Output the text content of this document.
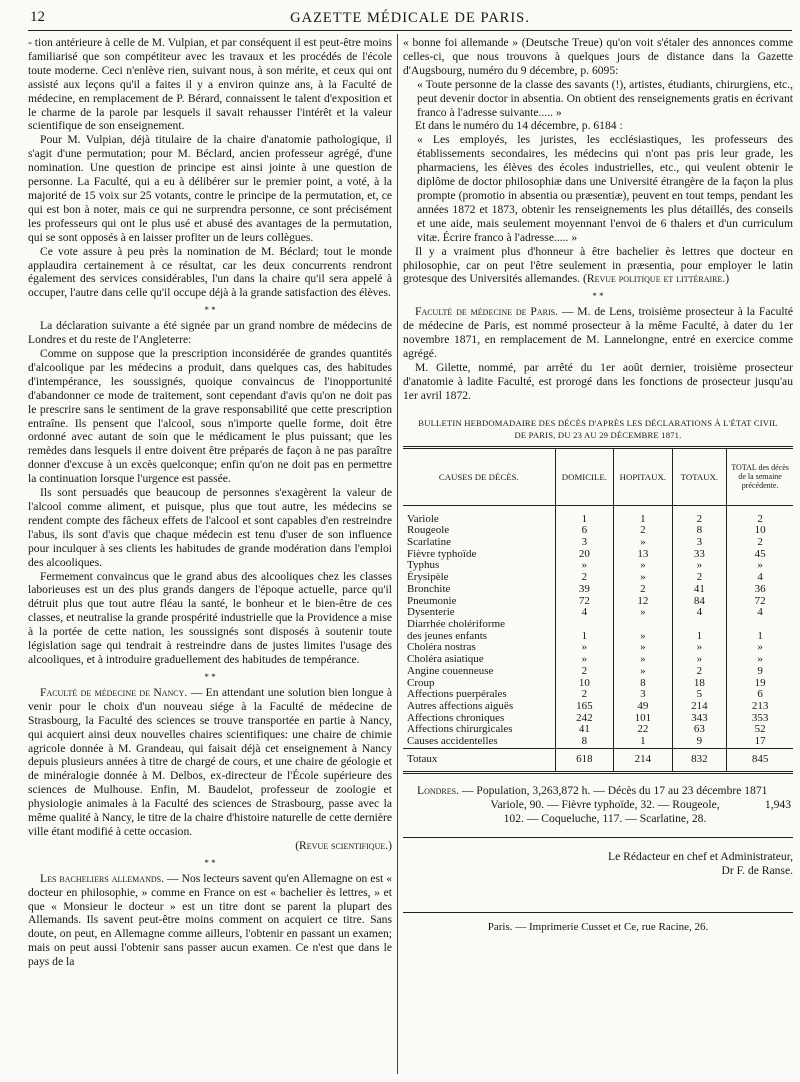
12	GAZETTE MÉDICALE DE PARIS.

- tion antérieure à celle de M. Vulpian, et par conséquent il est peut-être moins familiarisé que son compétiteur avec les travaux et les procédés de l'école toute moderne. Ceci n'enlève rien, suivant nous, à son mérite, et ceux qui ont assisté aux leçons qu'il a faites il y a environ quinze ans, à la Faculté de médecine, en remplacement de P. Bérard, connaissent le talent d'exposition et le charme de la parole par lesquels il savait rehausser l'intérêt et la valeur scientifique de son enseignement.

Pour M. Vulpian, déjà titulaire de la chaire d'anatomie pathologique, il s'agit d'une permutation; pour M. Béclard, ancien professeur agrégé, d'une nomination. Une question de principe est ainsi jointe à une question de personne. La Faculté, qui a eu à délibérer sur le premier point, a voté, à la majorité de 15 voix sur 25 votants, contre le principe de la permutation, et, ce qui est bon à noter, mais ce qui ne surprendra personne, ce sont précisément les professeurs qui ont le plus usé et abusé des avantages de la permutation, qui se sont opposés à en laisser profiter un de leurs collègues.

Ce vote assure à peu près la nomination de M. Béclard; tout le monde applaudira certainement à ce résultat, car les deux concurrents rendront également des services considérables, l'un dans la chaire qu'il sera appelé à occuper, l'autre dans celle qu'il occupe déjà à la grande satisfaction des élèves.

* *

La déclaration suivante a été signée par un grand nombre de médecins de Londres et du reste de l'Angleterre:

Comme on suppose que la prescription inconsidérée de grandes quantités d'alcoolique par les médecins a produit, dans quelques cas, des habitudes d'intempérance, les soussignés, quoique convaincus de l'inopportunité d'abandonner ce mode de traitement, sont cependant d'avis qu'on ne doit pas le prescrire sans le sentiment de la grave responsabilité que cette prescription entraîne. Ils pensent que l'alcool, sous n'importe quelle forme, doit être ordonné avec autant de soin que le médicament le plus puissant; que les remèdes dans lesquels il entre doivent être préparés de façon à ne pas paraître donner d'excuse à un excès quelconque; enfin qu'on ne doit pas en permettre la continuation lorsque l'urgence est passée.

Ils sont persuadés que beaucoup de personnes s'exagèrent la valeur de l'alcool comme aliment, et puisque, plus que tout autre, les médecins se rendent compte des fâcheux effets de l'alcool et sont capables d'en restreindre l'abus, ils sont d'avis que chaque médecin est tenu d'user de son influence pour inculquer à ses clients les habitudes de grande modération dans l'emploi des alcooliques.

Fermement convaincus que le grand abus des alcooliques chez les classes laborieuses est un des plus grands dangers de l'époque actuelle, parce qu'il détruit plus que tout autre fléau la santé, le bonheur et le bien-être de ces classes, et neutralise la grande prospérité industrielle que la Providence a mise à la portée de cette nation, les soussignés sont disposés à soutenir toute législation sage qui tendrait à restreindre dans de justes limites l'usage des alcooliques, et à introduire graduellement des habitudes de tempérance.

* *

Faculté de médecine de Nancy. — En attendant une solution bien longue à venir pour le choix d'un nouveau siége à la Faculté de médecine de Strasbourg, la Faculté des sciences se trouve transportée en partie à Nancy, qui acquiert ainsi deux nouvelles chaires scientifiques: une chaire de chimie agricole donnée à M. Grandeau, qui faisait déjà cet enseignement à Nancy depuis plusieurs années à titre de chargé de cours, et une chaire de géologie et de minéralogie donnée à M. Delbos, ex-directeur de l'École supérieure des sciences de Mulhouse. Enfin, M. Baudelot, professeur de zoologie et physiologie animales à la Faculté des sciences de Strasbourg, passe avec la même qualité à Nancy, le titre de la chaire d'histoire naturelle de cette dernière ville étant modifié à cette occasion.

(Revue scientifique.)
* *

Les bacheliers allemands. — Nos lecteurs savent qu'en Allemagne on est « docteur en philosophie, » comme en France on est « bachelier ès lettres, » et que « Monsieur le docteur » est un titre dont se parent la plupart des Allemands. Ils savent peut-être moins comment on acquiert ce titre. Sans doute, on peut, en Allemagne comme ailleurs, l'obtenir en passant un examen; mais on peut aussi l'obtenir sans passer aucun examen. Ce n'est que dans le pays de la

« bonne foi allemande » (Deutsche Treue) qu'on voit s'étaler des annonces comme celles-ci, que nous trouvons à quelques jours de distance dans la Gazette d'Augsbourg, numéro du 9 décembre, p. 6095:

« Toute personne de la classe des savants (!), artistes, étudiants, chirurgiens, etc., peut devenir doctor in absentia. On obtient des renseignements gratis en écrivant franco à l'adresse suivante..... »

Et dans le numéro du 14 décembre, p. 6184 :

« Les employés, les juristes, les ecclésiastiques, les professeurs des établissements secondaires, les médecins qui n'ont pas pris leur grade, les pharmaciens, les élèves des écoles industrielles, etc., qui veulent obtenir le diplôme de doctor philosophiæ dans une Université étrangère de la façon la plus prompte (promotio in absentia ou præsentiæ), peuvent en tout temps, pendant les années 1872 et 1873, obtenir les renseignements les plus détaillés, des conseils et une aide, mais seulement moyennant l'envoi de 6 thalers et d'un curriculum vitæ. Écrire franco à l'adresse..... »

Il y a vraiment plus d'honneur à être bachelier ès lettres que docteur en philosophie, car on peut l'être seulement in præsentia, pour employer le latin grotesque des Universités allemandes. (Revue politique et littéraire.)

* *

Faculté de médecine de Paris. — M. de Lens, troisième prosecteur à la Faculté de médecine de Paris, est nommé prosecteur à la même Faculté, à dater du 1er novembre 1871, en remplacement de M. Lannelongne, entré en exercice comme agrégé.

M. Gilette, nommé, par arrêté du 1er août dernier, troisième prosecteur d'anatomie à ladite Faculté, est prorogé dans les fonctions de prosecteur jusqu'au 1er avril 1872.

BULLETIN HEBDOMADAIRE DES DÉCÈS D'APRÈS LES DÉCLARATIONS À L'ÉTAT CIVIL
DE PARIS, DU 23 AU 29 DÉCEMBRE 1871.
CAUSES DE DÉCÈS.	DOMICILE.	HOPITAUX.	TOTAUX.	TOTAL des décès de la semaine précédente.

Variole	1	1	2	2
Rougeole	6	2	8	10
Scarlatine	3	»	3	2
Fièvre typhoïde	20	13	33	45
Typhus	»	»	»	»
Érysipèle	2	»	2	4
Bronchite	39	2	41	36
Pneumonie	72	12	84	72
Dysenterie	4	»	4	4
Diarrhée cholériforme				
des jeunes enfants	1	»	1	1
Choléra nostras	»	»	»	»
Choléra asiatique	»	»	»	»
Angine couenneuse	2	»	2	9
Croup	10	8	18	19
Affections puerpérales	2	3	5	6
Autres affections aiguës	165	49	214	213
Affections chroniques	242	101	343	353
Affections chirurgicales	41	22	63	52
Causes accidentelles	8	1	9	17
Totaux	618	214	832	845
Londres. — Population, 3,263,872 h. — Décès du 17 au 23 décembre 1871
1,943
Variole, 90. — Fièvre typhoïde, 32. — Rougeole,
102. — Coqueluche, 117. — Scarlatine, 28.
Le Rédacteur en chef et Administrateur,
Dr F. de Ranse.
Paris. — Imprimerie Cusset et Ce, rue Racine, 26.
